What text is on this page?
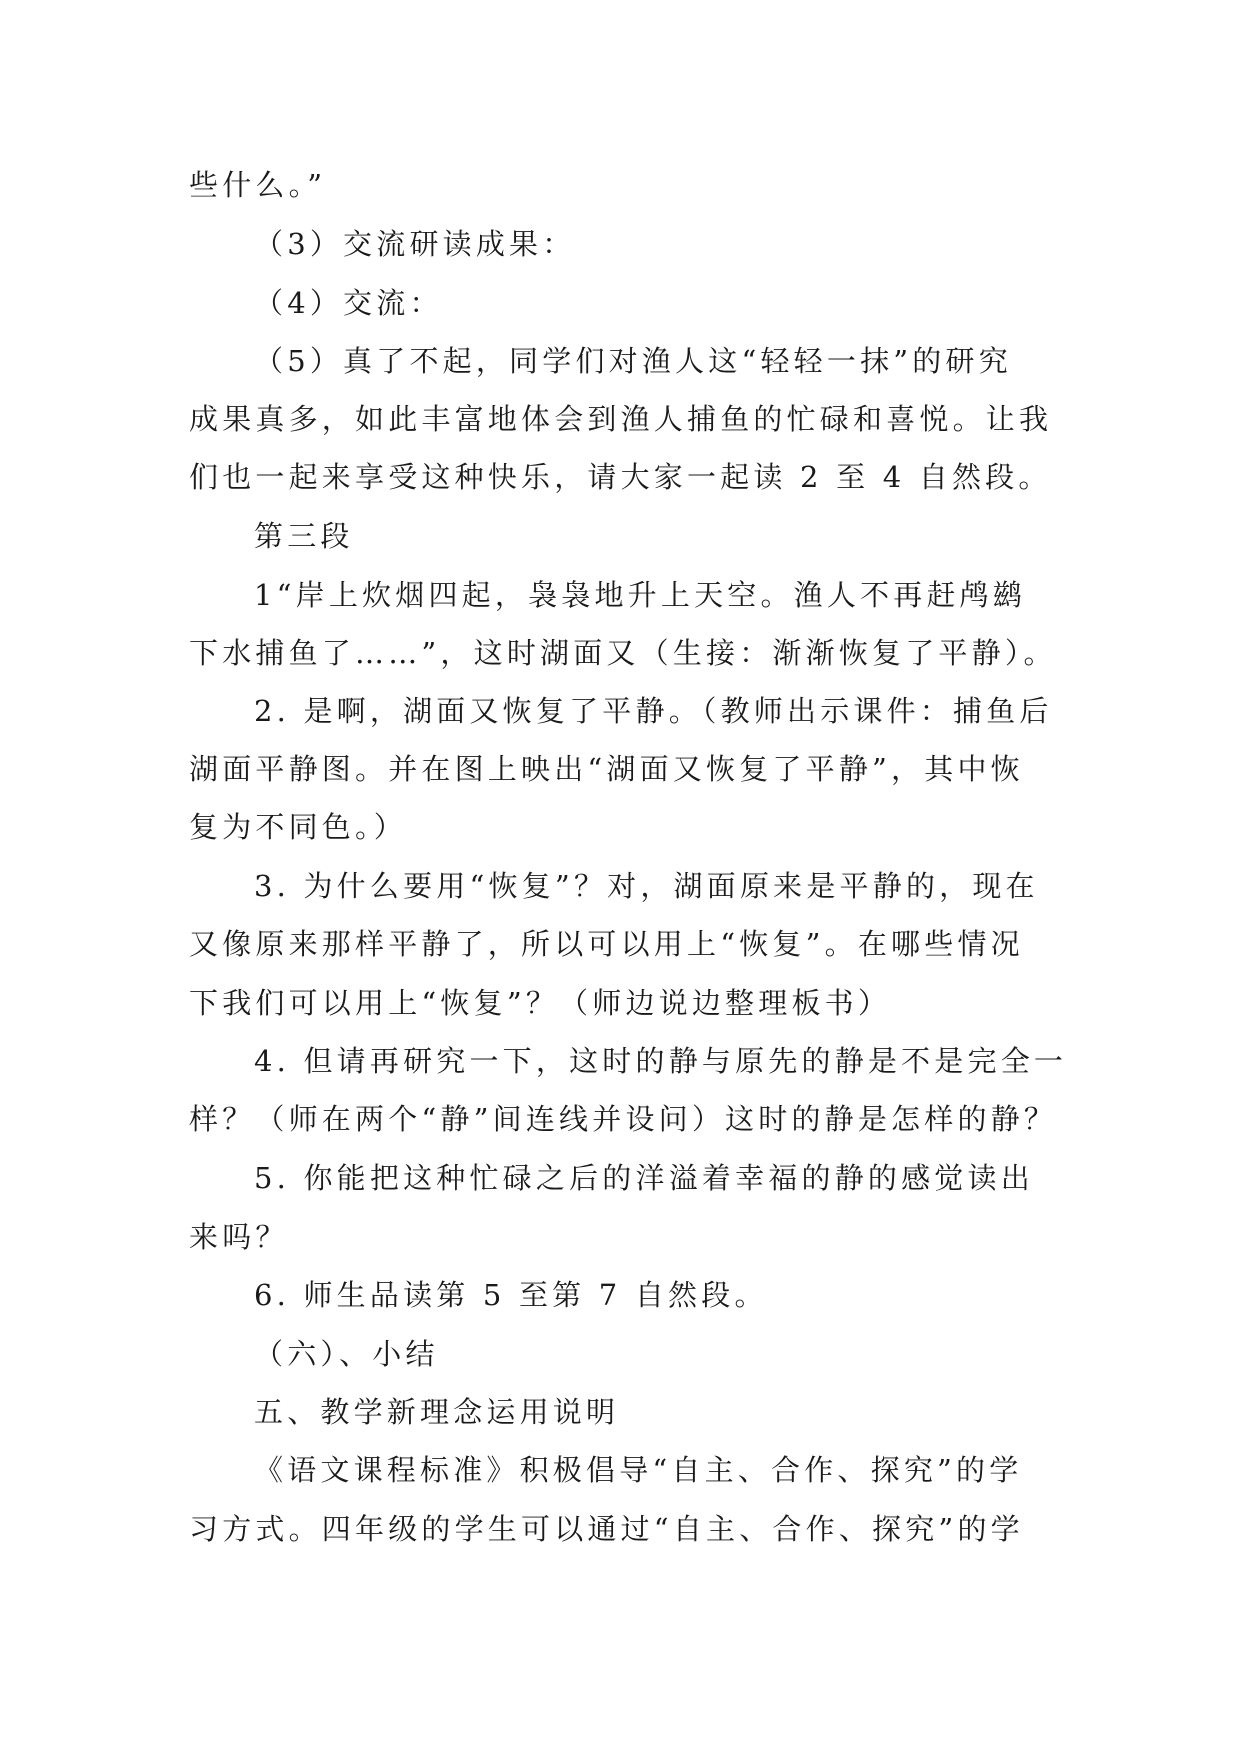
些什么。”
（3）交流研读成果：
（4）交流：
（5）真了不起，同学们对渔人这“轻轻一抹”的研究
成果真多，如此丰富地体会到渔人捕鱼的忙碌和喜悦。让我
们也一起来享受这种快乐，请大家一起读 2 至 4 自然段。
第三段
1“岸上炊烟四起，袅袅地升上天空。渔人不再赶鸬鹚
下水捕鱼了……”，这时湖面又（生接：渐渐恢复了平静）。
2. 是啊，湖面又恢复了平静。（教师出示课件：捕鱼后
湖面平静图。并在图上映出“湖面又恢复了平静”，其中恢
复为不同色。）
3. 为什么要用“恢复”？对，湖面原来是平静的，现在
又像原来那样平静了，所以可以用上“恢复”。在哪些情况
下我们可以用上“恢复”？（师边说边整理板书）
4. 但请再研究一下，这时的静与原先的静是不是完全一
样？（师在两个“静”间连线并设问）这时的静是怎样的静？
5. 你能把这种忙碌之后的洋溢着幸福的静的感觉读出
来吗？
6. 师生品读第 5 至第 7 自然段。
（六）、小结
五、教学新理念运用说明
《语文课程标准》积极倡导“自主、合作、探究”的学
习方式。四年级的学生可以通过“自主、合作、探究”的学
